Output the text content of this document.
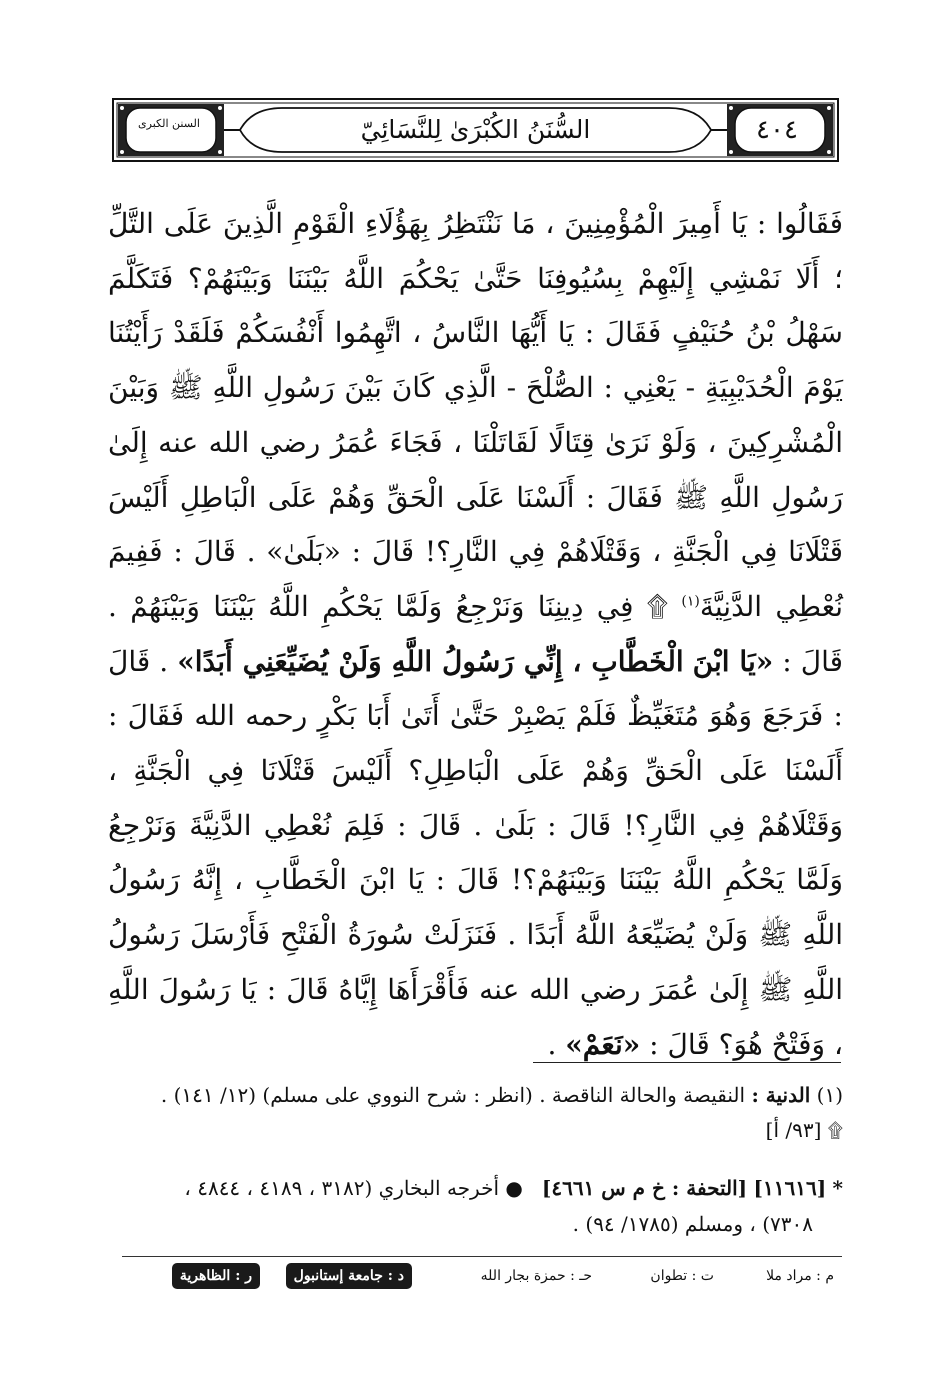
السنن الكبرى	السُّنَنُ الكُبْرَىٰ لِلنَّسَائِيّ	٤٠٤
فَقَالُوا : يَا أَمِيرَ الْمُؤْمِنِينَ ، مَا نَنْتَظِرُ بِهَؤُلَاءِ الْقَوْمِ الَّذِينَ عَلَى التَّلِّ ؛ أَلَا نَمْشِي إِلَيْهِمْ بِسُيُوفِنَا حَتَّىٰ يَحْكُمَ اللَّهُ بَيْنَنَا وَبَيْنَهُمْ؟ فَتَكَلَّمَ سَهْلُ بْنُ حُنَيْفٍ فَقَالَ : يَا أَيُّهَا النَّاسُ ، اتَّهِمُوا أَنْفُسَكُمْ فَلَقَدْ رَأَيْتُنَا يَوْمَ الْحُدَيْبِيَةِ - يَعْنِي : الصُّلْحَ - الَّذِي كَانَ بَيْنَ رَسُولِ اللَّهِ ﷺ وَبَيْنَ الْمُشْرِكِينَ ، وَلَوْ نَرَىٰ قِتَالًا لَقَاتَلْنَا ، فَجَاءَ عُمَرُ رضي الله عنه إِلَىٰ رَسُولِ اللَّهِ ﷺ فَقَالَ : أَلَسْنَا عَلَى الْحَقِّ وَهُمْ عَلَى الْبَاطِلِ أَلَيْسَ قَتْلَانَا فِي الْجَنَّةِ ، وَقَتْلَاهُمْ فِي النَّارِ؟! قَالَ : «بَلَىٰ» . قَالَ : فَفِيمَ نُعْطِي الدَّنِيَّةَ$^{(١)}$ ۩ فِي دِينِنَا وَنَرْجِعُ وَلَمَّا يَحْكُمِ اللَّهُ بَيْنَنَا وَبَيْنَهُمْ . قَالَ : «يَا ابْنَ الْخَطَّابِ ، إِنِّي رَسُولُ اللَّهِ وَلَنْ يُضَيِّعَنِي أَبَدًا» . قَالَ : فَرَجَعَ وَهُوَ مُتَغَيِّظٌ فَلَمْ يَصْبِرْ حَتَّىٰ أَتَىٰ أَبَا بَكْرٍ رحمه الله فَقَالَ : أَلَسْنَا عَلَى الْحَقِّ وَهُمْ عَلَى الْبَاطِلِ؟ أَلَيْسَ قَتْلَانَا فِي الْجَنَّةِ ، وَقَتْلَاهُمْ فِي النَّارِ؟! قَالَ : بَلَىٰ . قَالَ : فَلِمَ نُعْطِي الدَّنِيَّةَ وَنَرْجِعُ وَلَمَّا يَحْكُمِ اللَّهُ بَيْنَنَا وَبَيْنَهُمْ؟! قَالَ : يَا ابْنَ الْخَطَّابِ ، إِنَّهُ رَسُولُ اللَّهِ ﷺ وَلَنْ يُضَيِّعَهُ اللَّهُ أَبَدًا . فَنَزَلَتْ سُورَةُ الْفَتْحِ فَأَرْسَلَ رَسُولُ اللَّهِ ﷺ إِلَىٰ عُمَرَ رضي الله عنه فَأَقْرَأَهَا إِيَّاهُ قَالَ : يَا رَسُولَ اللَّهِ ، وَفَتْحٌ هُوَ؟ قَالَ : «نَعَمْ» .
(١) الدنية : النقيصة والحالة الناقصة . (انظر : شرح النووي على مسلم) (١٢/ ١٤١) .
۩ [٩٣/ أ]
* [١١٦١٦] [التحفة : خ م س ٤٦٦١]   ● أخرجه البخاري (٣١٨٢ ، ٤١٨٩ ، ٤٨٤٤ ،
٧٣٠٨) ، ومسلم (١٧٨٥/ ٩٤) .
م : مراد ملا
ت : تطوان
حـ : حمزة بجار الله
د : جامعة إستانبول
ر : الظاهرية
